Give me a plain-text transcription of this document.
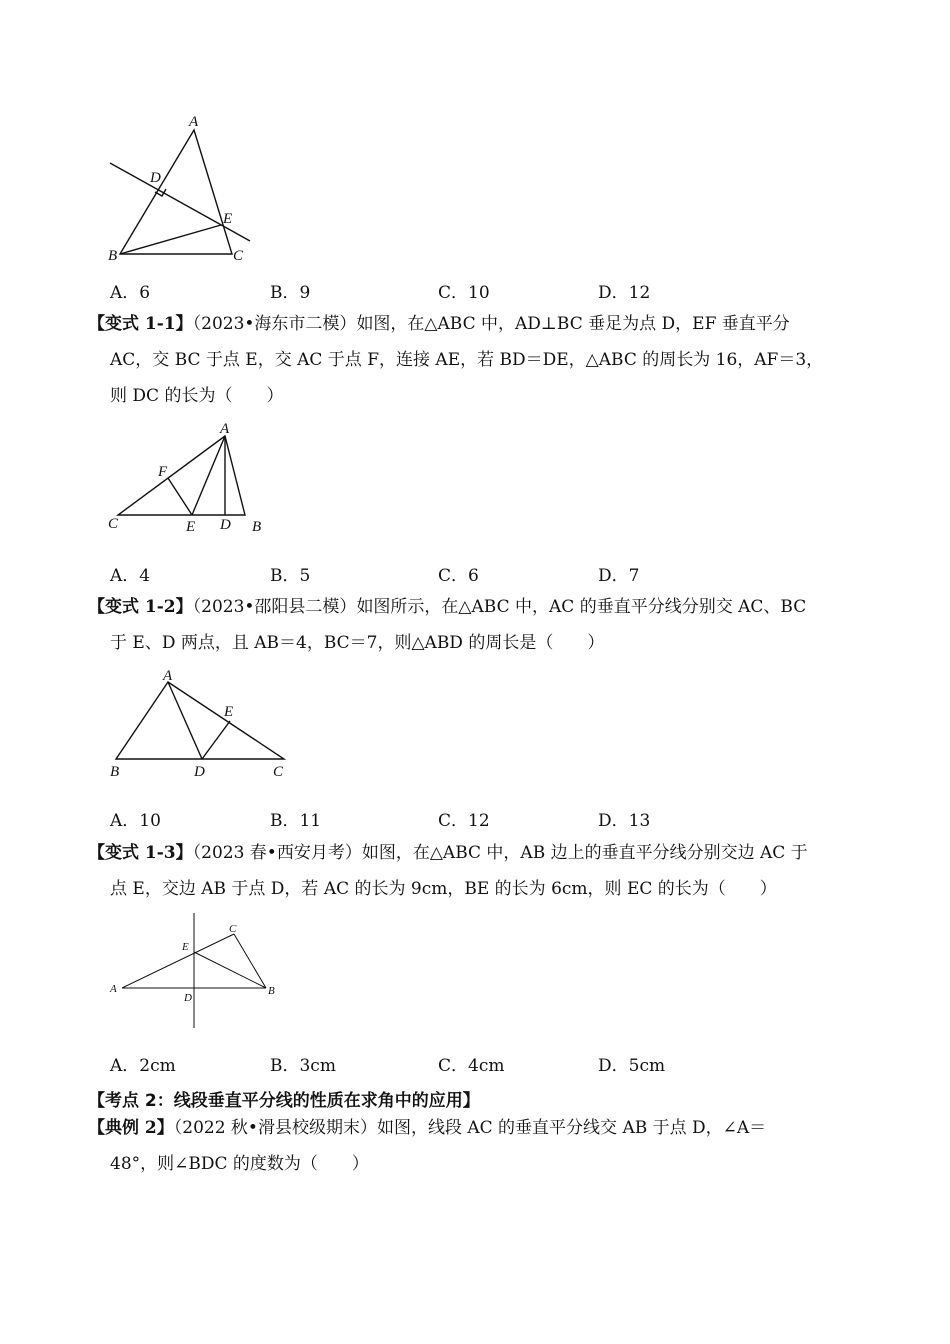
A
D
E
B	C
A．6	B．9	C．10	D．12
【变式 1-1】（2023•海东市二模）如图，在△ABC 中，AD⊥BC 垂足为点 D，EF 垂直平分
AC，交 BC 于点 E，交 AC 于点 F，连接 AE，若 BD＝DE，△ABC 的周长为 16，AF＝3，
则 DC 的长为（　　）
A
F
C	E D B
A．4	B．5	C．6	D．7
【变式 1-2】（2023•邵阳县二模）如图所示，在△ABC 中，AC 的垂直平分线分别交 AC、BC
于 E、D 两点，且 AB＝4，BC＝7，则△ABD 的周长是（　　）
A
E
B	D	C
A．10	B．11	C．12	D．13
【变式 1-3】（2023 春•西安月考）如图，在△ABC 中，AB 边上的垂直平分线分别交边 AC 于
点 E，交边 AB 于点 D，若 AC 的长为 9cm，BE 的长为 6cm，则 EC 的长为（　　）
C
E
A
D
B
A．2cm	B．3cm	C．4cm	D．5cm
【考点 2：线段垂直平分线的性质在求角中的应用】
【典例 2】（2022 秋•滑县校级期末）如图，线段 AC 的垂直平分线交 AB 于点 D，∠A＝
48°，则∠BDC 的度数为（　　）
